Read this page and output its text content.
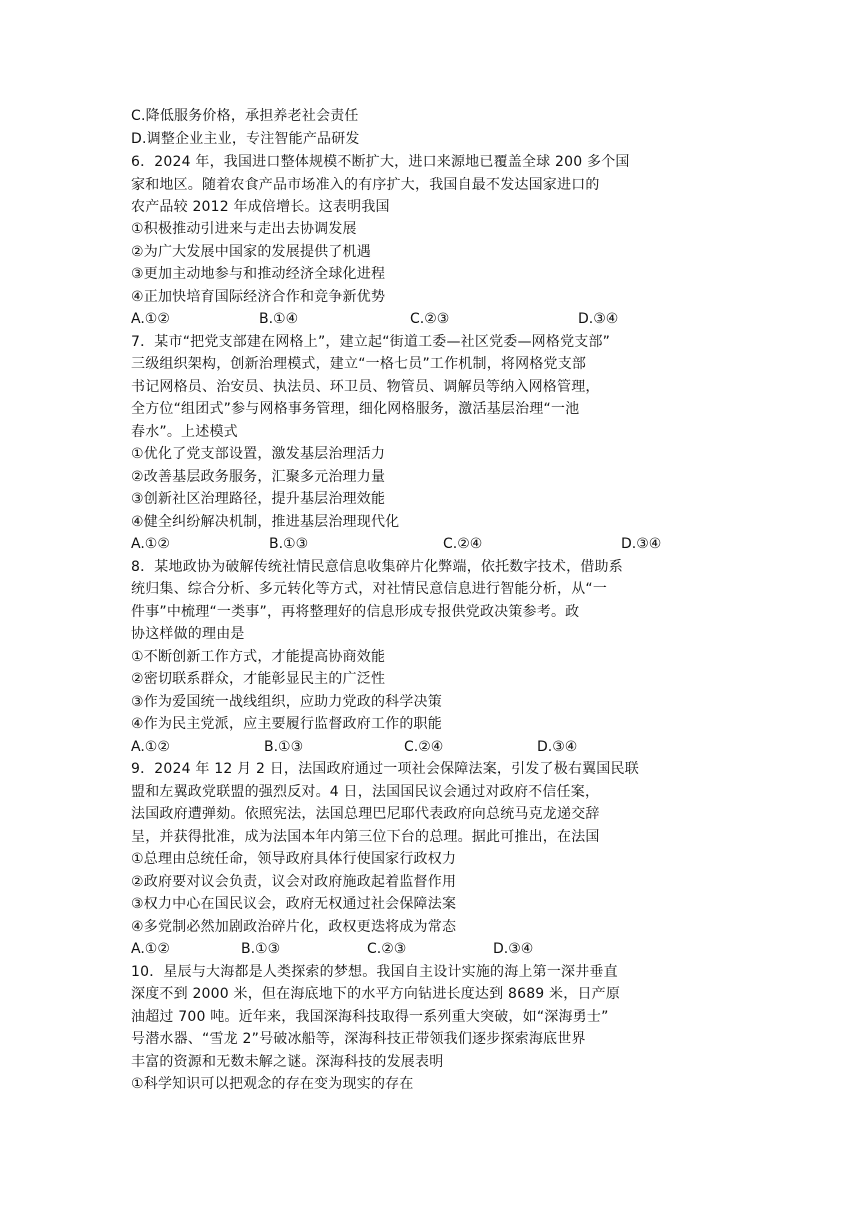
C.降低服务价格，承担养老社会责任
D.调整企业主业，专注智能产品研发
6．2024 年，我国进口整体规模不断扩大，进口来源地已覆盖全球 200 多个国
家和地区。随着农食产品市场准入的有序扩大，我国自最不发达国家进口的
农产品较 2012 年成倍增长。这表明我国
①积极推动引进来与走出去协调发展
②为广大发展中国家的发展提供了机遇
③更加主动地参与和推动经济全球化进程
④正加快培育国际经济合作和竞争新优势
A.①②	B.①④	C.②③	D.③④
7．某市“把党支部建在网格上”，建立起“街道工委—社区党委—网格党支部”
三级组织架构，创新治理模式，建立“一格七员”工作机制，将网格党支部
书记网格员、治安员、执法员、环卫员、物管员、调解员等纳入网格管理，
全方位“组团式”参与网格事务管理，细化网格服务，激活基层治理“一池
春水”。上述模式
①优化了党支部设置，激发基层治理活力
②改善基层政务服务，汇聚多元治理力量
③创新社区治理路径，提升基层治理效能
④健全纠纷解决机制，推进基层治理现代化
A.①②	B.①③	C.②④	D.③④
8．某地政协为破解传统社情民意信息收集碎片化弊端，依托数字技术，借助系
统归集、综合分析、多元转化等方式，对社情民意信息进行智能分析，从“一
件事”中梳理“一类事”，再将整理好的信息形成专报供党政决策参考。政
协这样做的理由是
①不断创新工作方式，才能提高协商效能
②密切联系群众，才能彰显民主的广泛性
③作为爱国统一战线组织，应助力党政的科学决策
④作为民主党派，应主要履行监督政府工作的职能
A.①②	B.①③	C.②④	D.③④
9．2024 年 12 月 2 日，法国政府通过一项社会保障法案，引发了极右翼国民联
盟和左翼政党联盟的强烈反对。4 日，法国国民议会通过对政府不信任案，
法国政府遭弹劾。依照宪法，法国总理巴尼耶代表政府向总统马克龙递交辞
呈，并获得批准，成为法国本年内第三位下台的总理。据此可推出，在法国
①总理由总统任命，领导政府具体行使国家行政权力
②政府要对议会负责，议会对政府施政起着监督作用
③权力中心在国民议会，政府无权通过社会保障法案
④多党制必然加剧政治碎片化，政权更迭将成为常态
A.①②	B.①③	C.②③	D.③④
10．星辰与大海都是人类探索的梦想。我国自主设计实施的海上第一深井垂直
深度不到 2000 米，但在海底地下的水平方向钻进长度达到 8689 米，日产原
油超过 700 吨。近年来，我国深海科技取得一系列重大突破，如“深海勇士”
号潜水器、“雪龙 2”号破冰船等，深海科技正带领我们逐步探索海底世界
丰富的资源和无数未解之谜。深海科技的发展表明
①科学知识可以把观念的存在变为现实的存在
